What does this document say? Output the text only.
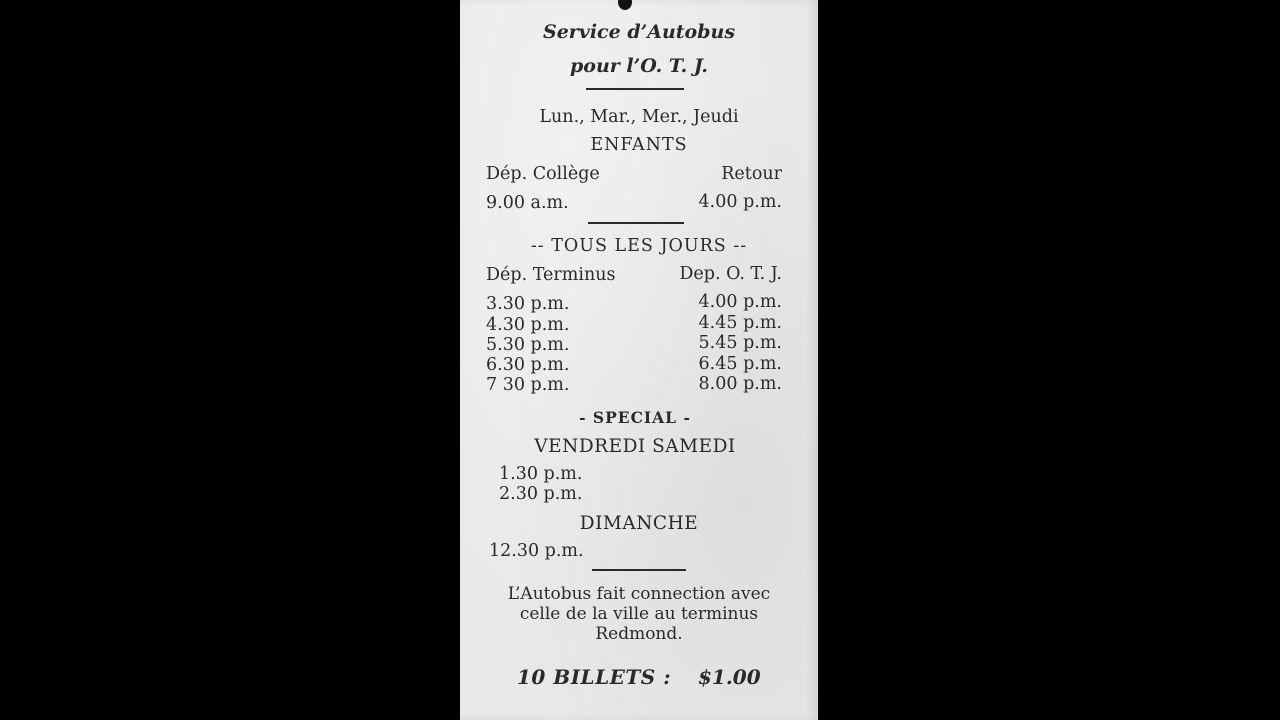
Service d’Autobus
pour l’O. T. J.
Lun., Mar., Mer., Jeudi
ENFANTS
Dép. Collège	Retour
9.00 a.m.	4.00 p.m.
-- TOUS LES JOURS --
Dép. Terminus	Dep. O. T. J.
3.30 p.m.	4.00 p.m.
4.30 p.m.	4.45 p.m.
5.30 p.m.	5.45 p.m.
6.30 p.m.	6.45 p.m.
7 30 p.m.	8.00 p.m.
- SPECIAL -
VENDREDI SAMEDI
1.30 p.m.
2.30 p.m.
DIMANCHE
12.30 p.m.
L’Autobus fait connection avec
celle de la ville au terminus
Redmond.
10 BILLETS : $1.00
